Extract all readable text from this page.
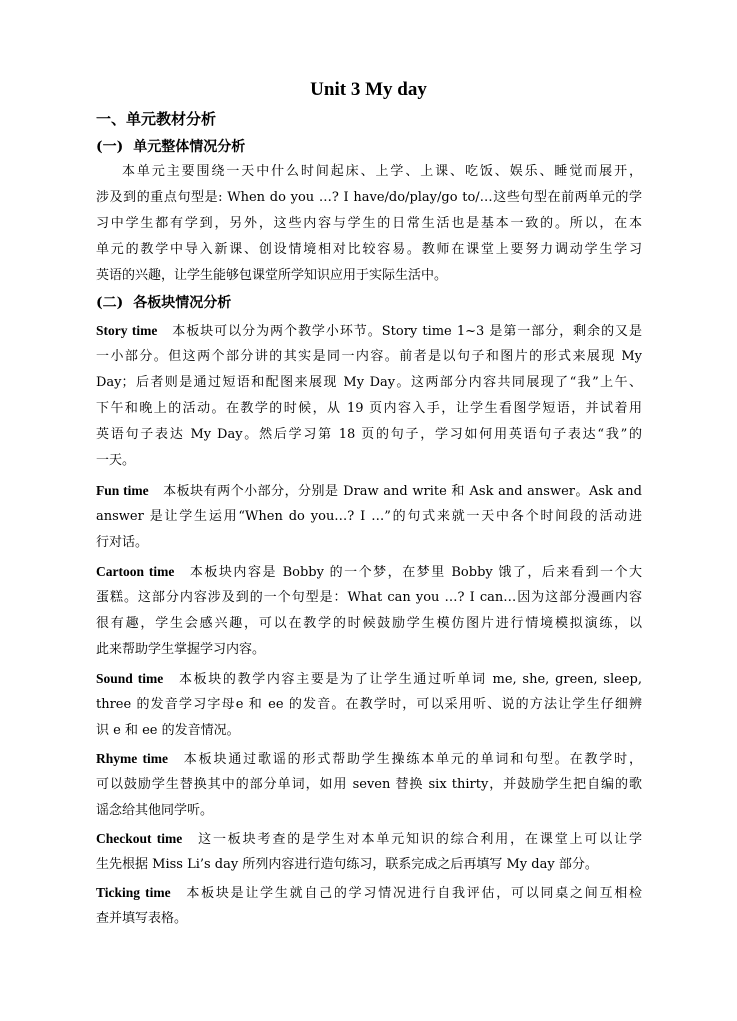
Unit 3 My day
一、单元教材分析
(一) 单元整体情况分析
本单元主要围绕一天中什么时间起床、上学、上课、吃饭、娱乐、睡觉而展开，
涉及到的重点句型是: When do you …? I have/do/play/go to/…这些句型在前两单元的学
习中学生都有学到，另外，这些内容与学生的日常生活也是基本一致的。所以，在本
单元的教学中导入新课、创设情境相对比较容易。教师在课堂上要努力调动学生学习
英语的兴趣，让学生能够包课堂所学知识应用于实际生活中。
(二) 各板块情况分析
Story time 本板块可以分为两个教学小环节。Story time 1~3 是第一部分，剩余的又是
一小部分。但这两个部分讲的其实是同一内容。前者是以句子和图片的形式来展现 My
Day；后者则是通过短语和配图来展现 My Day。这两部分内容共同展现了“我”上午、
下午和晚上的活动。在教学的时候，从 19 页内容入手，让学生看图学短语，并试着用
英语句子表达 My Day。然后学习第 18 页的句子，学习如何用英语句子表达“我”的
一天。
Fun time 本板块有两个小部分，分别是 Draw and write 和 Ask and answer。Ask and
answer 是让学生运用“When do you…? I …”的句式来就一天中各个时间段的活动进
行对话。
Cartoon time 本板块内容是 Bobby 的一个梦，在梦里 Bobby 饿了，后来看到一个大
蛋糕。这部分内容涉及到的一个句型是：What can you …? I can…因为这部分漫画内容
很有趣，学生会感兴趣，可以在教学的时候鼓励学生模仿图片进行情境模拟演练，以
此来帮助学生掌握学习内容。
Sound time 本板块的教学内容主要是为了让学生通过听单词 me, she, green, sleep,
three 的发音学习字母e 和 ee 的发音。在教学时，可以采用听、说的方法让学生仔细辨
识 e 和 ee 的发音情况。
Rhyme time 本板块通过歌谣的形式帮助学生操练本单元的单词和句型。在教学时，
可以鼓励学生替换其中的部分单词，如用 seven 替换 six thirty，并鼓励学生把自编的歌
谣念给其他同学听。
Checkout time 这一板块考查的是学生对本单元知识的综合利用，在课堂上可以让学
生先根据 Miss Li’s day 所列内容进行造句练习，联系完成之后再填写 My day 部分。
Ticking time 本板块是让学生就自己的学习情况进行自我评估，可以同桌之间互相检
查并填写表格。
